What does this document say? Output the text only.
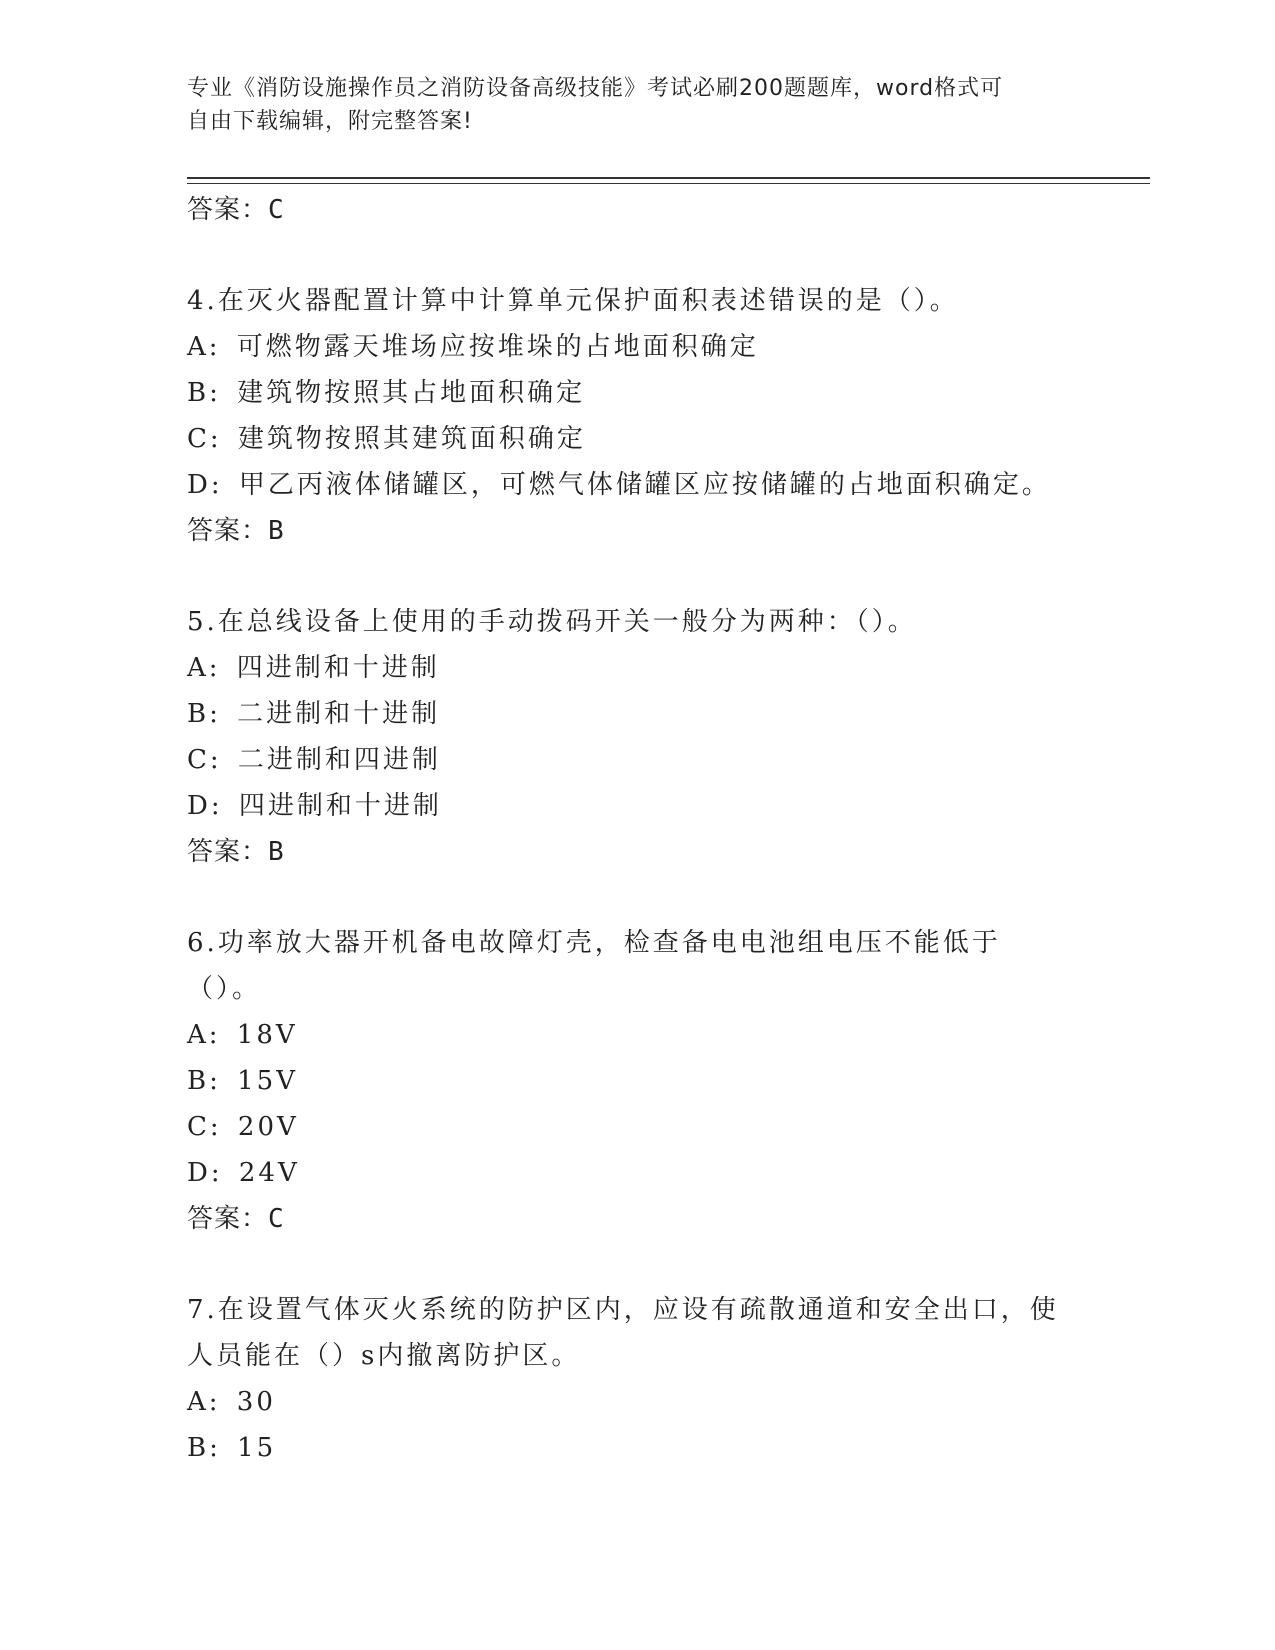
专业《消防设施操作员之消防设备高级技能》考试必刷200题题库，word格式可
自由下载编辑，附完整答案!
答案：C
4.在灭火器配置计算中计算单元保护面积表述错误的是（）。
A: 可燃物露天堆场应按堆垛的占地面积确定
B: 建筑物按照其占地面积确定
C: 建筑物按照其建筑面积确定
D: 甲乙丙液体储罐区，可燃气体储罐区应按储罐的占地面积确定。
答案：B
5.在总线设备上使用的手动拨码开关一般分为两种：（）。
A: 四进制和十进制
B: 二进制和十进制
C: 二进制和四进制
D: 四进制和十进制
答案：B
6.功率放大器开机备电故障灯壳，检查备电电池组电压不能低于（）。
A: 18V
B: 15V
C: 20V
D: 24V
答案：C
7.在设置气体灭火系统的防护区内，应设有疏散通道和安全出口，使人员能在（）s内撤离防护区。
A: 30
B: 15
